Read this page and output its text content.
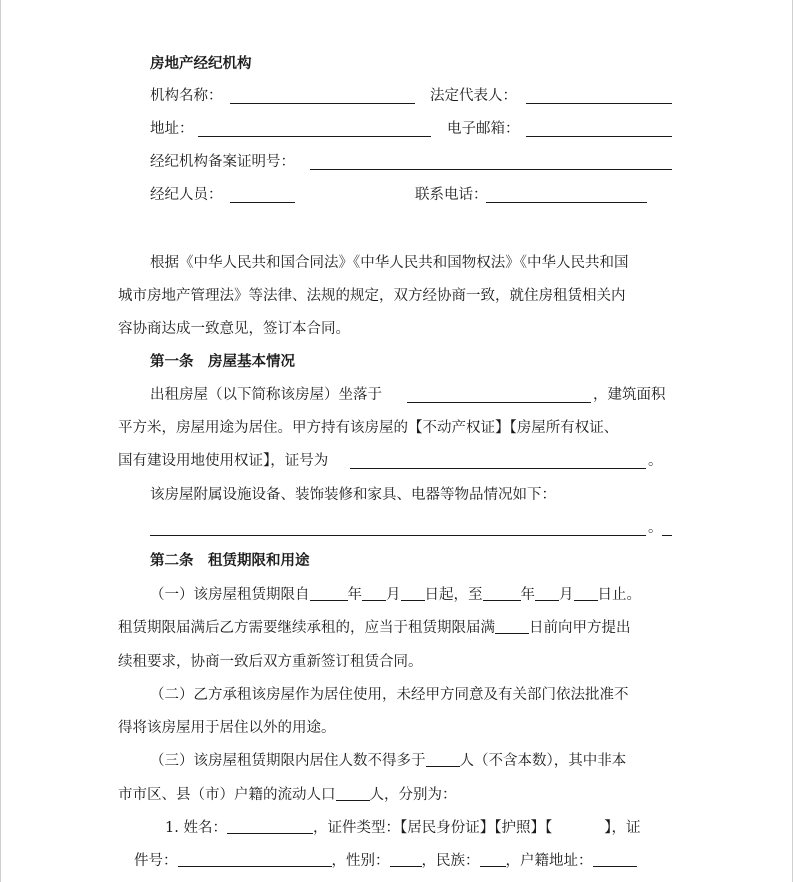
房地产经纪机构
机构名称：	法定代表人：
地址：	电子邮箱：
经纪机构备案证明号：
经纪人员：	联系电话：
根据《中华人民共和国合同法》《中华人民共和国物权法》《中华人民共和国
城市房地产管理法》等法律、法规的规定，双方经协商一致，就住房租赁相关内
容协商达成一致意见，签订本合同。
第一条　房屋基本情况
出租房屋（以下简称该房屋）坐落于	，建筑面积
平方米，房屋用途为居住。甲方持有该房屋的【不动产权证】【房屋所有权证、
国有建设用地使用权证】，证号为	。
该房屋附属设施设备、装饰装修和家具、电器等物品情况如下：
。
第二条　租赁期限和用途
（一）该房屋租赁期限自	年 月 日起，至	年 月 日止。
租赁期限届满后乙方需要继续承租的，应当于租赁期限届满 日前向甲方提出
续租要求，协商一致后双方重新签订租赁合同。
（二）乙方承租该房屋作为居住使用，未经甲方同意及有关部门依法批准不
得将该房屋用于居住以外的用途。
（三）该房屋租赁期限内居住人数不得多于 人（不含本数），其中非本
市市区、县（市）户籍的流动人口 人，分别为：
1. 姓名：	，证件类型：【居民身份证】【护照】【	】，证
件号：	，性别： ，民族： ，户籍地址：
